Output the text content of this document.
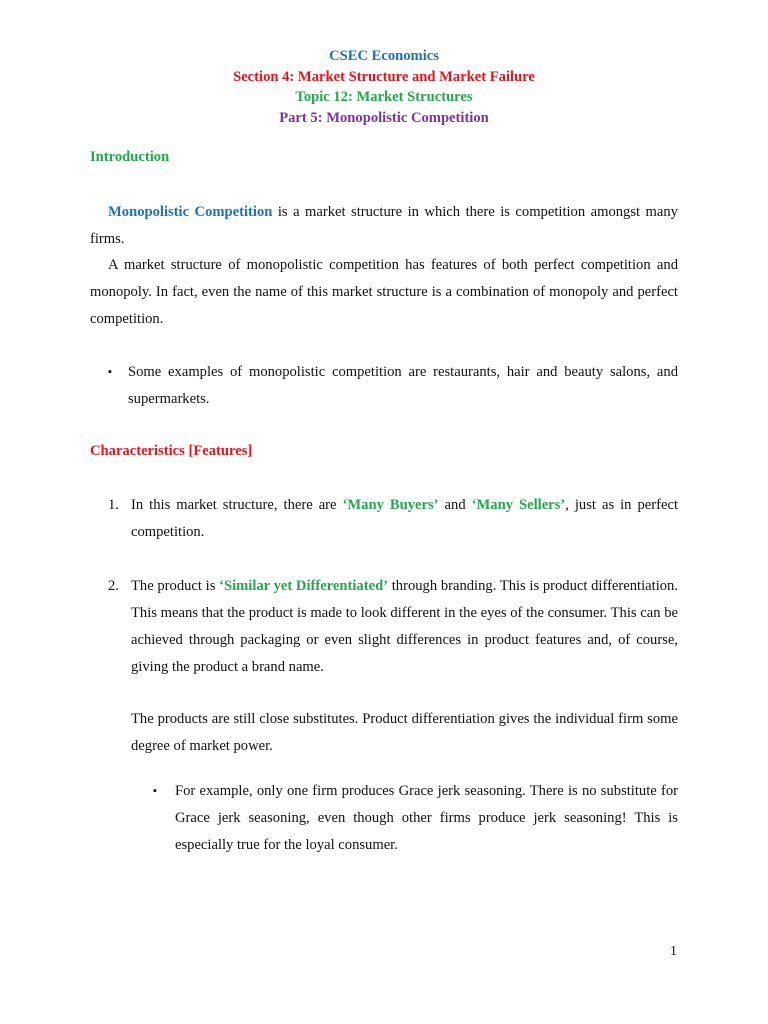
CSEC Economics
Section 4: Market Structure and Market Failure
Topic 12: Market Structures
Part 5: Monopolistic Competition
Introduction
Monopolistic Competition is a market structure in which there is competition amongst many firms.
A market structure of monopolistic competition has features of both perfect competition and monopoly. In fact, even the name of this market structure is a combination of monopoly and perfect competition.
▪	Some examples of monopolistic competition are restaurants, hair and beauty salons, and supermarkets.
Characteristics [Features]
1. In this market structure, there are ‘Many Buyers’ and ‘Many Sellers’, just as in perfect competition.
2. The product is ‘Similar yet Differentiated’ through branding. This is product differentiation. This means that the product is made to look different in the eyes of the consumer. This can be achieved through packaging or even slight differences in product features and, of course, giving the product a brand name.
The products are still close substitutes. Product differentiation gives the individual firm some degree of market power.
▪	For example, only one firm produces Grace jerk seasoning. There is no substitute for Grace jerk seasoning, even though other firms produce jerk seasoning! This is especially true for the loyal consumer.
1
